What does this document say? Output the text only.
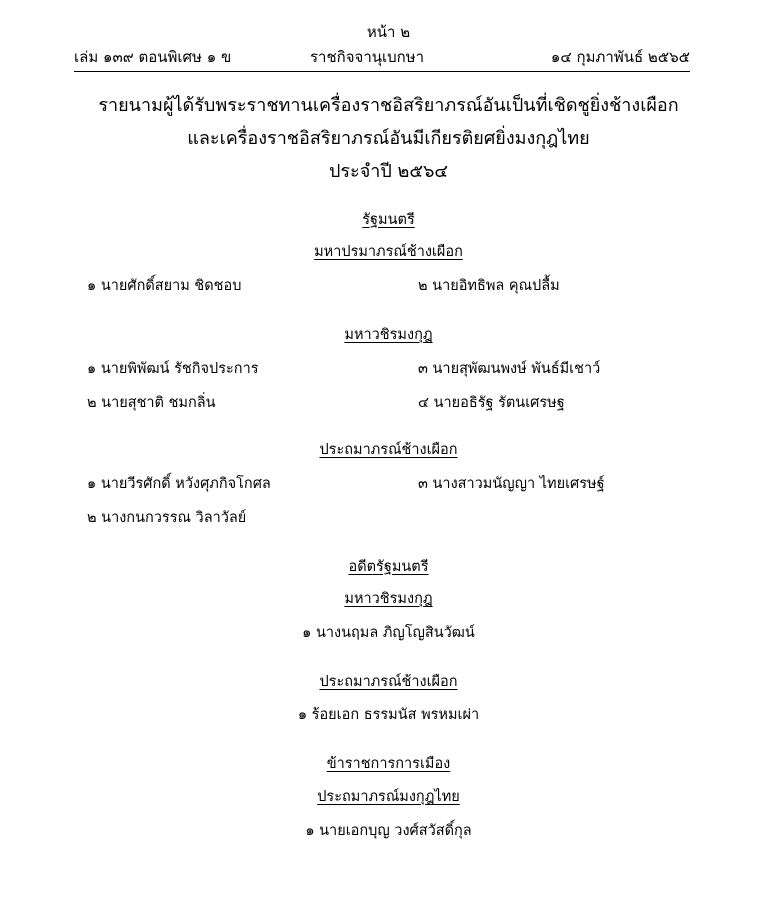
หน้า ๒
เล่ม ๑๓๙ ตอนพิเศษ ๑ ข	ราชกิจจานุเบกษา	๑๔ กุมภาพันธ์ ๒๕๖๕
รายนามผู้ได้รับพระราชทานเครื่องราชอิสริยาภรณ์อันเป็นที่เชิดชูยิ่งช้างเผือก
และเครื่องราชอิสริยาภรณ์อันมีเกียรติยศยิ่งมงกุฎไทย
ประจำปี ๒๕๖๔
รัฐมนตรี
มหาปรมาภรณ์ช้างเผือก
๑ นายศักดิ์สยาม ชิดชอบ	๒ นายอิทธิพล คุณปลื้ม
มหาวชิรมงกุฎ
๑ นายพิพัฒน์ รัชกิจประการ	๓ นายสุพัฒนพงษ์ พันธ์มีเชาว์
๒ นายสุชาติ ชมกลิ่น	๔ นายอธิรัฐ รัตนเศรษฐ
ประถมาภรณ์ช้างเผือก
๑ นายวีรศักดิ์ หวังศุภกิจโกศล	๓ นางสาวมนัญญา ไทยเศรษฐ์
๒ นางกนกวรรณ วิลาวัลย์
อดีตรัฐมนตรี
มหาวชิรมงกุฎ
๑ นางนฤมล ภิญโญสินวัฒน์
ประถมาภรณ์ช้างเผือก
๑ ร้อยเอก ธรรมนัส พรหมเผ่า
ข้าราชการการเมือง
ประถมาภรณ์มงกุฎไทย
๑ นายเอกบุญ วงศ์สวัสดิ์กุล
